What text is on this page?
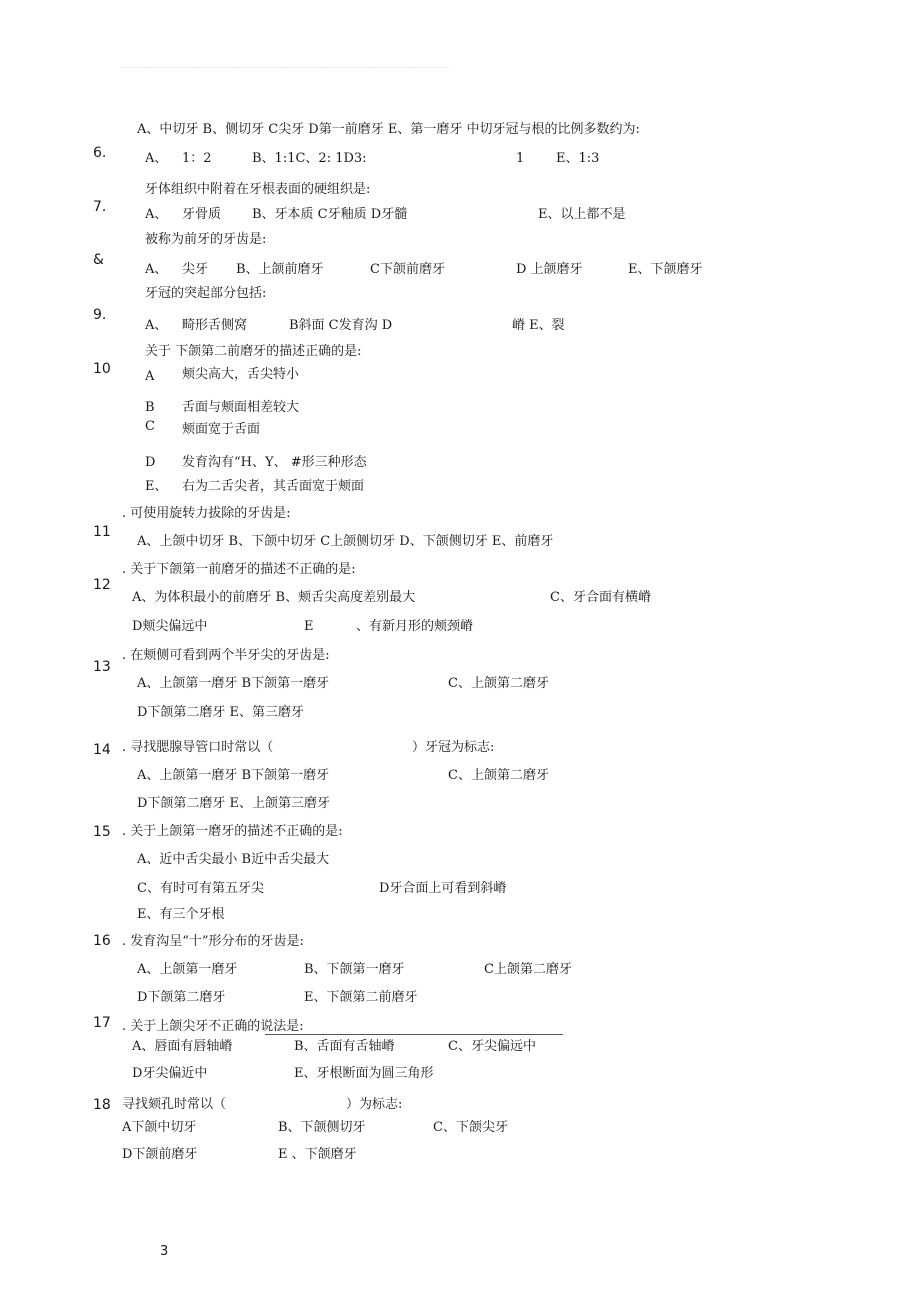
………………………………………………………………………………………………………………………………………………………………
A、中切牙 B、侧切牙 C尖牙 D第一前磨牙 E、第一磨牙 中切牙冠与根的比例多数约为:
6.	A、 1：2	B、1:1C、2: 1D3:	1 E、1:3
牙体组织中附着在牙根表面的硬组织是:
7.	A、 牙骨质 B、牙本质 C牙釉质 D牙髓	E、以上都不是
被称为前牙的牙齿是:
&
A、 尖牙 B、上颌前磨牙	C下颌前磨牙	D 上颌磨牙	E、下颌磨牙
牙冠的突起部分包括:
9.
A、 畸形舌侧窝	B斜面 C发育沟 D	嵴 E、裂
关于 下颌第二前磨牙的描述正确的是:
10	A 颊尖高大，舌尖特小
B 舌面与颊面相差较大
C 颊面宽于舌面
D 发育沟有“H、Y、 #形三种形态
E、 右为二舌尖者，其舌面宽于颊面
. 可使用旋转力拔除的牙齿是:
11
A、上颌中切牙 B、下颌中切牙 C上颌侧切牙 D、下颌侧切牙 E、前磨牙
. 关于下颌第一前磨牙的描述不正确的是:
12
A、为体积最小的前磨牙 B、颊舌尖高度差别最大	C、牙合面有横嵴
D颊尖偏远中	E	、有新月形的颊颈嵴
. 在颊侧可看到两个半牙尖的牙齿是:
13
A、上颌第一磨牙 B下颌第一磨牙	C、上颌第二磨牙
D下颌第二磨牙 E、第三磨牙
14 . 寻找腮腺导管口时常以（	）牙冠为标志:
A、上颌第一磨牙 B下颌第一磨牙	C、上颌第二磨牙
D下颌第二磨牙 E、上颌第三磨牙
15 . 关于上颌第一磨牙的描述不正确的是:
A、近中舌尖最小 B近中舌尖最大
C、有时可有第五牙尖	D牙合面上可看到斜嵴
E、有三个牙根
16 . 发育沟呈“十”形分布的牙齿是:
A、上颌第一磨牙	B、下颌第一磨牙	C上颌第二磨牙
D下颌第二磨牙	E、下颌第二前磨牙
17 . 关于上颌尖牙不正确的说法是:
A、唇面有唇轴嵴	B、舌面有舌轴嵴	C、牙尖偏远中
D牙尖偏近中	E、牙根断面为圆三角形
18 寻找颏孔时常以（	）为标志:
A下颌中切牙	B、下颌侧切牙	C、下颌尖牙
D下颌前磨牙	E 、下颌磨牙
3
